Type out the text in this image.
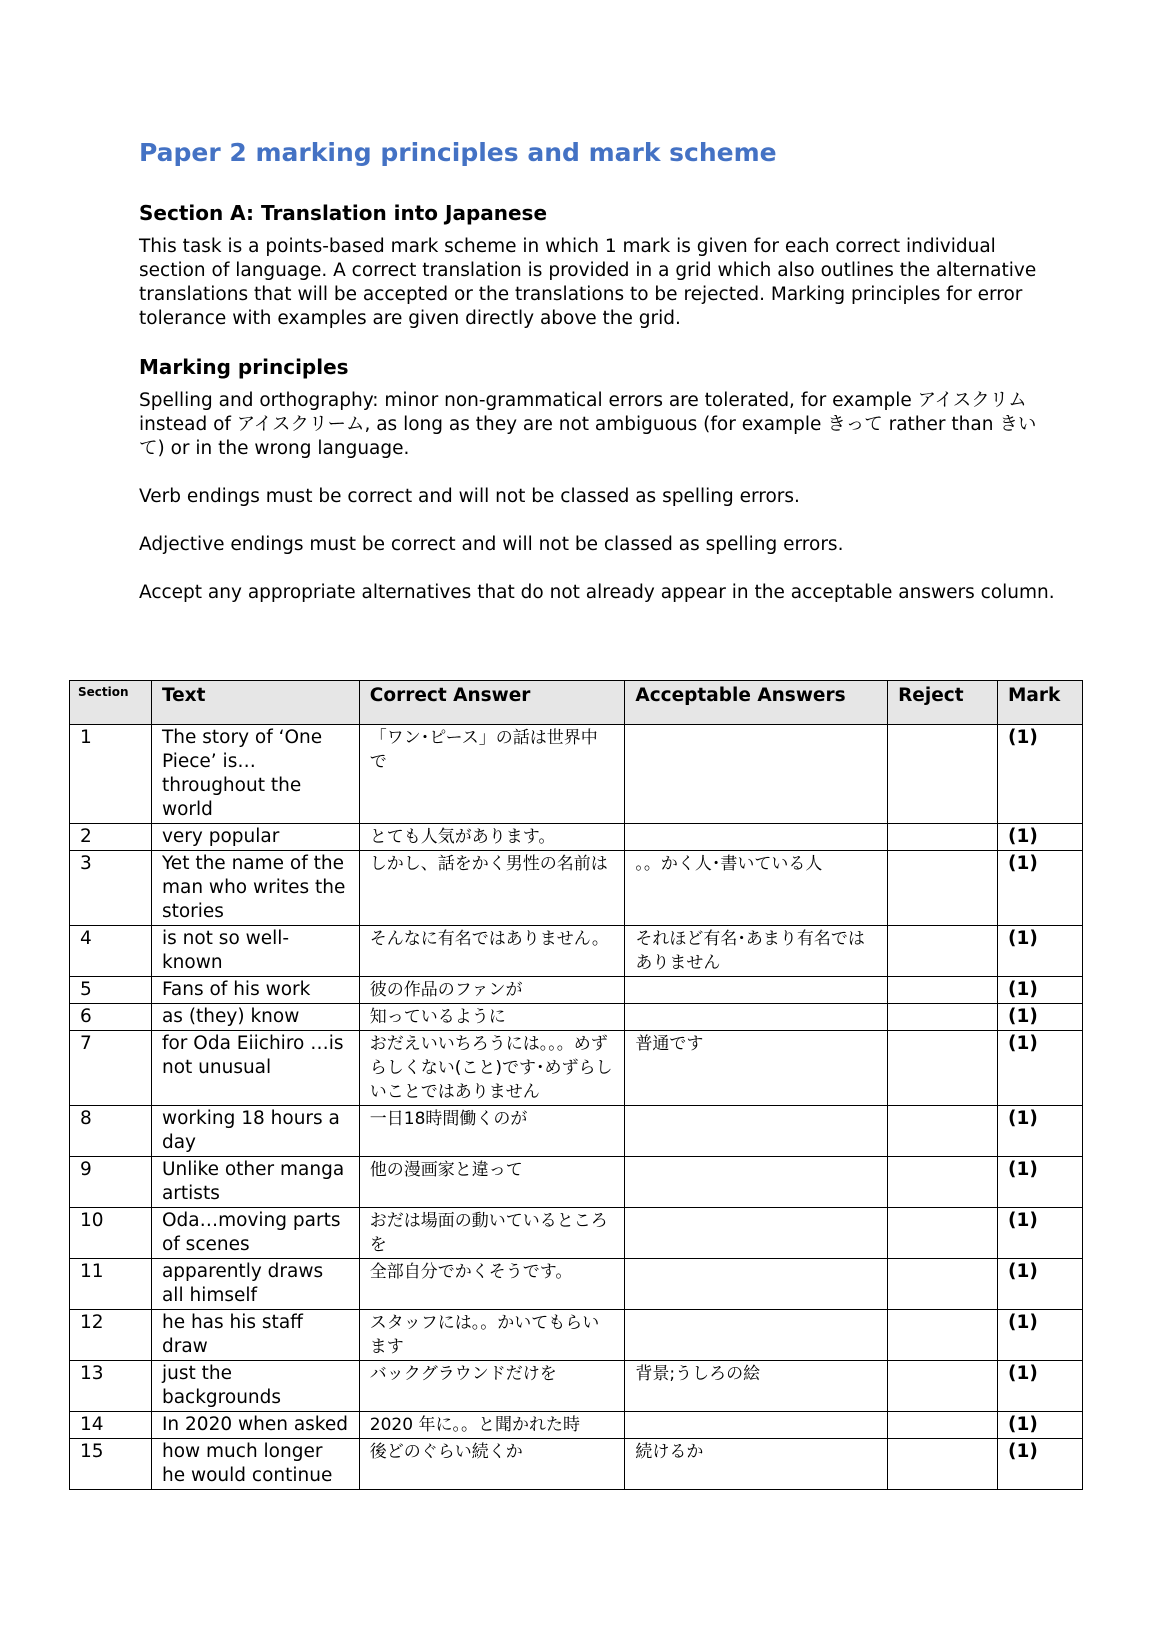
Paper 2 marking principles and mark scheme
Section A: Translation into Japanese

This task is a points-based mark scheme in which 1 mark is given for each correct individual section of language. A correct translation is provided in a grid which also outlines the alternative translations that will be accepted or the translations to be rejected. Marking principles for error tolerance with examples are given directly above the grid.

Marking principles

Spelling and orthography: minor non-grammatical errors are tolerated, for example アイスクリム instead of アイスクリーム, as long as they are not ambiguous (for example きって rather than きいて) or in the wrong language.

Verb endings must be correct and will not be classed as spelling errors.

Adjective endings must be correct and will not be classed as spelling errors.

Accept any appropriate alternatives that do not already appear in the acceptable answers column.

Section	Text	Correct Answer	Acceptable Answers	Reject	Mark
1	The story of ‘One Piece’ is… throughout the world	「ワン･ピース」の話は世界中で			(1)
2	very popular	とても人気があります。			(1)
3	Yet the name of the man who writes the stories	しかし、話をかく男性の名前は	。。かく人･書いている人		(1)
4	is not so well-known	そんなに有名ではありません。	それほど有名･あまり有名ではありません		(1)
5	Fans of his work	彼の作品のファンが			(1)
6	as (they) know	知っているように			(1)
7	for Oda Eiichiro …is not unusual	おだえいいちろうには。。。めずらしくない(こと)です･めずらしいことではありません	普通です		(1)
8	working 18 hours a day	一日18時間働くのが			(1)
9	Unlike other manga artists	他の漫画家と違って			(1)
10	Oda…moving parts of scenes	おだは場面の動いているところを			(1)
11	apparently draws all himself	全部自分でかくそうです。			(1)
12	he has his staff draw	スタッフには。。かいてもらいます			(1)
13	just the backgrounds	バックグラウンドだけを	背景;うしろの絵		(1)
14	In 2020 when asked	2020 年に。。と聞かれた時			(1)
15	how much longer he would continue	後どのぐらい続くか	続けるか		(1)
